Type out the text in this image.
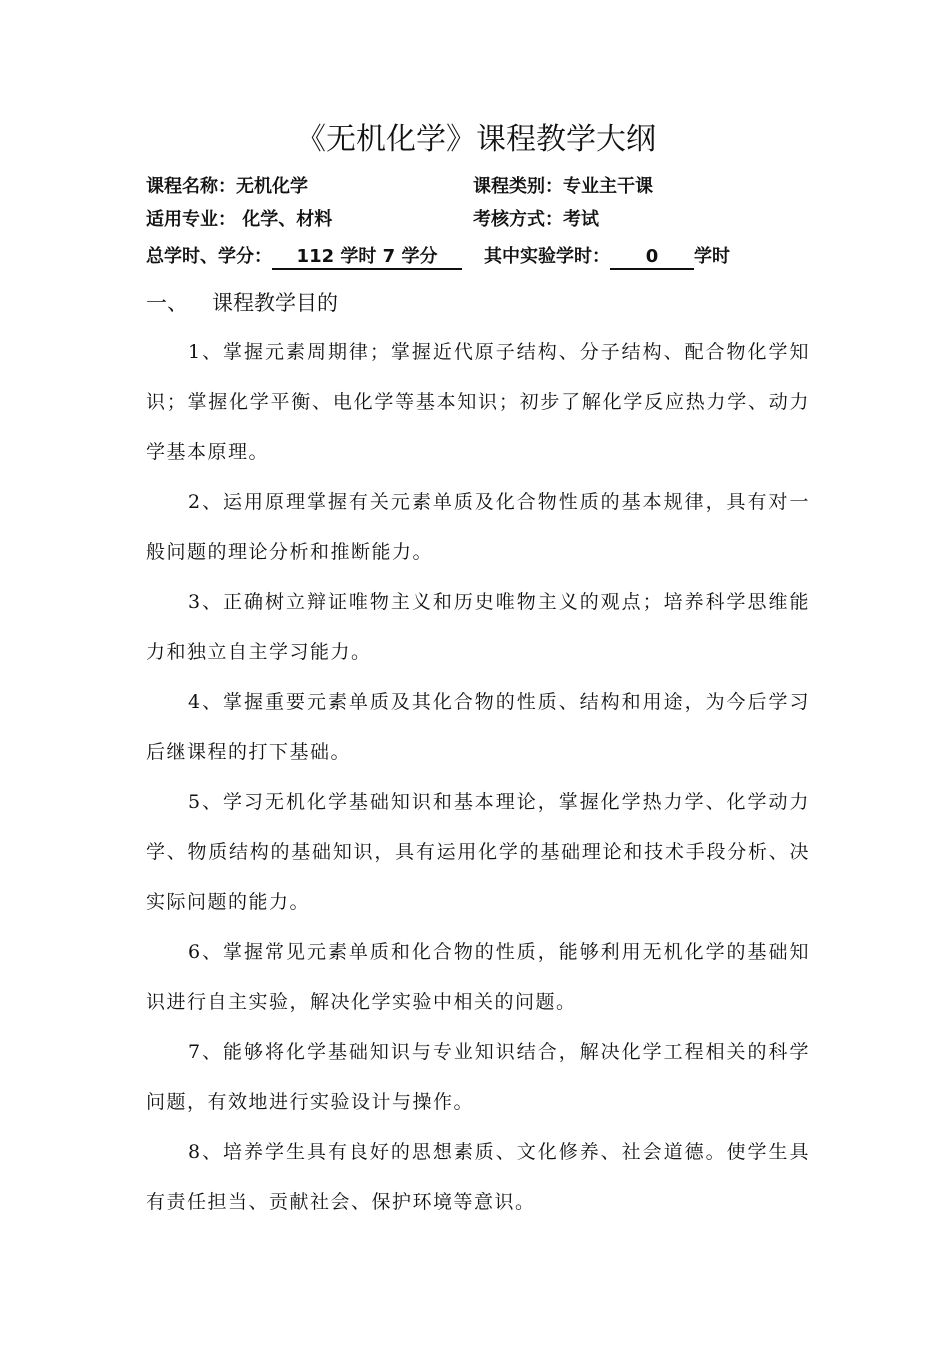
《无机化学》课程教学大纲
课程名称：无机化学	课程类别：专业主干课
适用专业： 化学、材料	考核方式：考试
总学时、学分： 112 学时 7 学分	其中实验学时： 0 学时
一、 课程教学目的
1、掌握元素周期律；掌握近代原子结构、分子结构、配合物化学知识；掌握化学平衡、电化学等基本知识；初步了解化学反应热力学、动力学基本原理。
2、运用原理掌握有关元素单质及化合物性质的基本规律，具有对一般问题的理论分析和推断能力。
3、正确树立辩证唯物主义和历史唯物主义的观点；培养科学思维能力和独立自主学习能力。
4、掌握重要元素单质及其化合物的性质、结构和用途，为今后学习后继课程的打下基础。
5、学习无机化学基础知识和基本理论，掌握化学热力学、化学动力学、物质结构的基础知识，具有运用化学的基础理论和技术手段分析、决实际问题的能力。
6、掌握常见元素单质和化合物的性质，能够利用无机化学的基础知识进行自主实验，解决化学实验中相关的问题。
7、能够将化学基础知识与专业知识结合，解决化学工程相关的科学问题，有效地进行实验设计与操作。
8、培养学生具有良好的思想素质、文化修养、社会道德。使学生具有责任担当、贡献社会、保护环境等意识。
